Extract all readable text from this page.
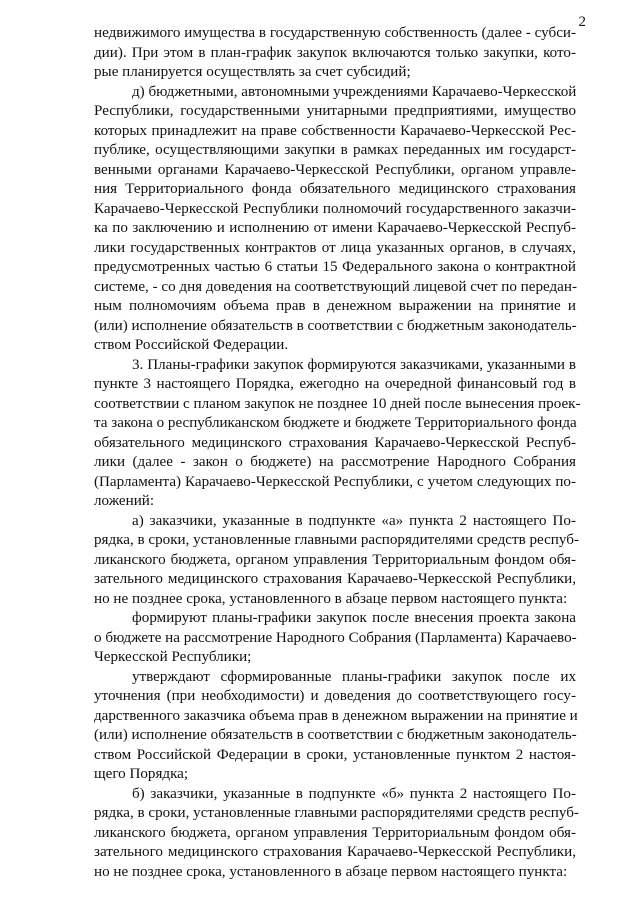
2
недвижимого имущества в государственную собственность (далее - субси-
дии). При этом в план-график закупок включаются только закупки, кото-
рые планируется осуществлять за счет субсидий;
д) бюджетными, автономными учреждениями Карачаево-Черкесской
Республики, государственными унитарными предприятиями, имущество
которых принадлежит на праве собственности Карачаево-Черкесской Рес-
публике, осуществляющими закупки в рамках переданных им государст-
венными органами Карачаево-Черкесской Республики, органом управле-
ния Территориального фонда обязательного медицинского страхования
Карачаево-Черкесской Республики полномочий государственного заказчи-
ка по заключению и исполнению от имени Карачаево-Черкесской Респуб-
лики государственных контрактов от лица указанных органов, в случаях,
предусмотренных частью 6 статьи 15 Федерального закона о контрактной
системе, - со дня доведения на соответствующий лицевой счет по передан-
ным полномочиям объема прав в денежном выражении на принятие и
(или) исполнение обязательств в соответствии с бюджетным законодатель-
ством Российской Федерации.
3. Планы-графики закупок формируются заказчиками, указанными в
пункте 3 настоящего Порядка, ежегодно на очередной финансовый год в
соответствии с планом закупок не позднее 10 дней после вынесения проек-
та закона о республиканском бюджете и бюджете Территориального фонда
обязательного медицинского страхования Карачаево-Черкесской Респуб-
лики (далее - закон о бюджете) на рассмотрение Народного Собрания
(Парламента) Карачаево-Черкесской Республики, с учетом следующих по-
ложений:
а) заказчики, указанные в подпункте «а» пункта 2 настоящего По-
рядка, в сроки, установленные главными распорядителями средств респуб-
ликанского бюджета, органом управления Территориальным фондом обя-
зательного медицинского страхования Карачаево-Черкесской Республики,
но не позднее срока, установленного в абзаце первом настоящего пункта:
формируют планы-графики закупок после внесения проекта закона
о бюджете на рассмотрение Народного Собрания (Парламента) Карачаево-
Черкесской Республики;
утверждают сформированные планы-графики закупок после их
уточнения (при необходимости) и доведения до соответствующего госу-
дарственного заказчика объема прав в денежном выражении на принятие и
(или) исполнение обязательств в соответствии с бюджетным законодатель-
ством Российской Федерации в сроки, установленные пунктом 2 настоя-
щего Порядка;
б) заказчики, указанные в подпункте «б» пункта 2 настоящего По-
рядка, в сроки, установленные главными распорядителями средств респуб-
ликанского бюджета, органом управления Территориальным фондом обя-
зательного медицинского страхования Карачаево-Черкесской Республики,
но не позднее срока, установленного в абзаце первом настоящего пункта:
